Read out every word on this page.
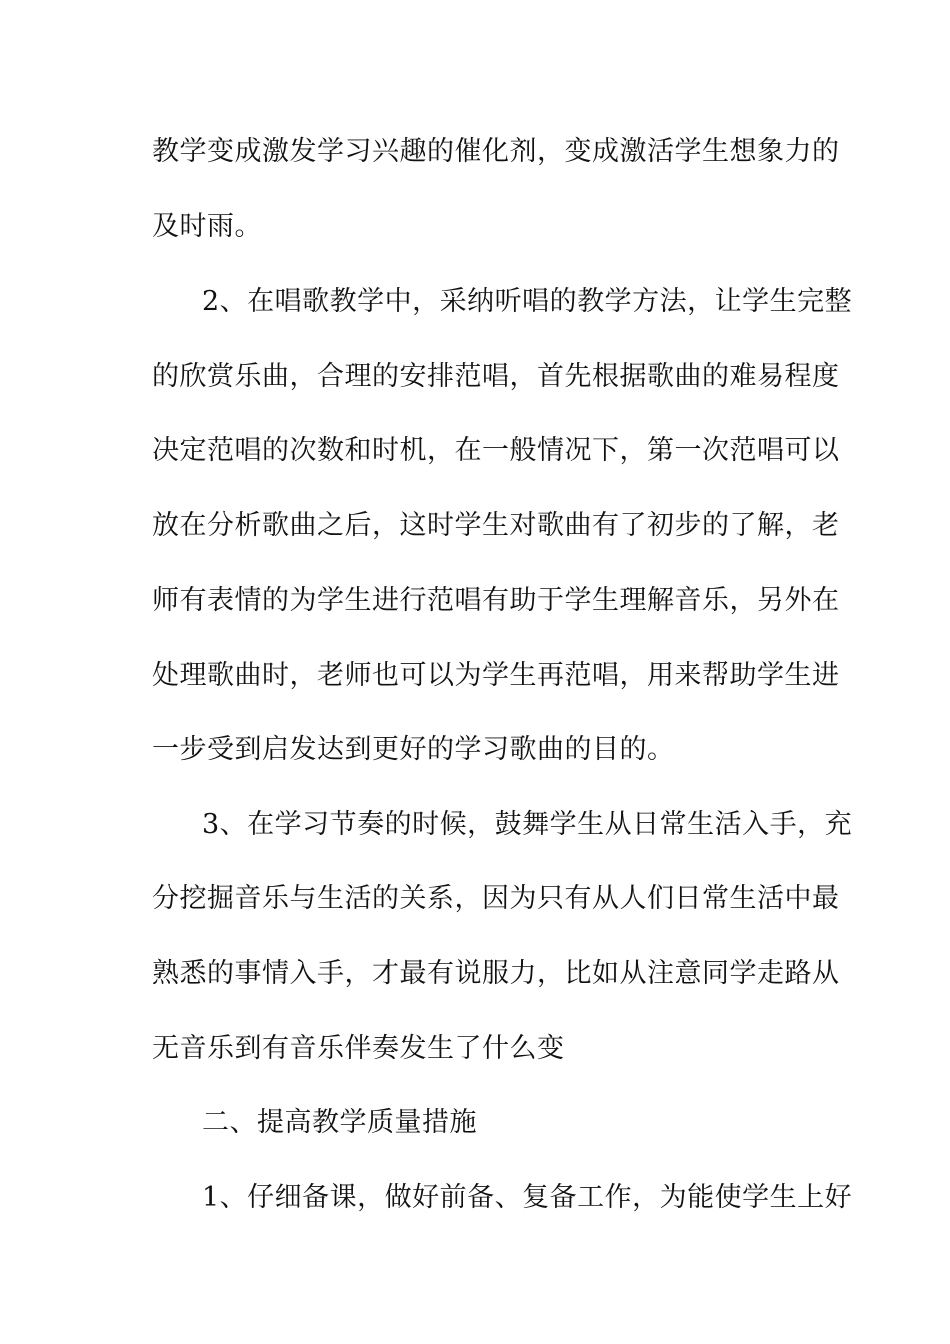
教学变成激发学习兴趣的催化剂，变成激活学生想象力的
及时雨。
2、在唱歌教学中，采纳听唱的教学方法，让学生完整
的欣赏乐曲，合理的安排范唱，首先根据歌曲的难易程度
决定范唱的次数和时机，在一般情况下，第一次范唱可以
放在分析歌曲之后，这时学生对歌曲有了初步的了解，老
师有表情的为学生进行范唱有助于学生理解音乐，另外在
处理歌曲时，老师也可以为学生再范唱，用来帮助学生进
一步受到启发达到更好的学习歌曲的目的。
3、在学习节奏的时候，鼓舞学生从日常生活入手，充
分挖掘音乐与生活的关系，因为只有从人们日常生活中最
熟悉的事情入手，才最有说服力，比如从注意同学走路从
无音乐到有音乐伴奏发生了什么变
二、提高教学质量措施
1、仔细备课，做好前备、复备工作，为能使学生上好
